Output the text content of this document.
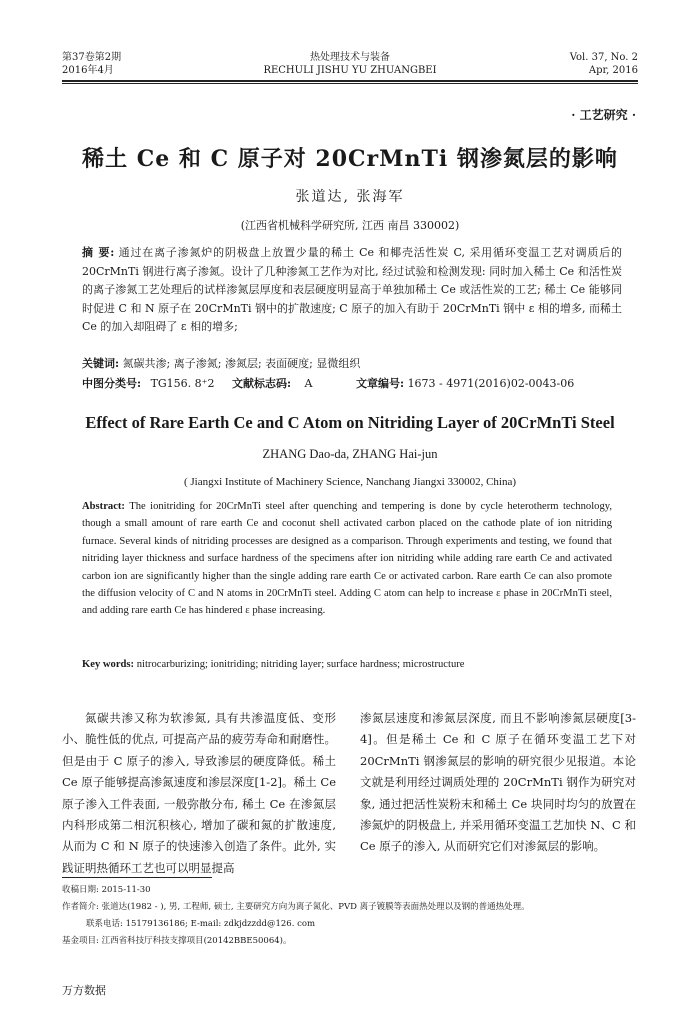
第37卷第2期
2016年4月
热处理技术与装备
RECHULI JISHU YU ZHUANGBEI
Vol. 37, No. 2
Apr, 2016
· 工艺研究 ·
稀土 Ce 和 C 原子对 20CrMnTi 钢渗氮层的影响
张道达, 张海军
(江西省机械科学研究所, 江西 南昌 330002)
摘 要: 通过在离子渗氮炉的阴极盘上放置少量的稀土 Ce 和椰壳活性炭 C, 采用循环变温工艺对调质后的 20CrMnTi 钢进行离子渗氮。设计了几种渗氮工艺作为对比, 经过试验和检测发现: 同时加入稀土 Ce 和活性炭的离子渗氮工艺处理后的试样渗氮层厚度和表层硬度明显高于单独加稀土 Ce 或活性炭的工艺; 稀土 Ce 能够同时促进 C 和 N 原子在 20CrMnTi 钢中的扩散速度; C 原子的加入有助于 20CrMnTi 钢中 ε 相的增多, 而稀土 Ce 的加入却阻碍了 ε 相的增多;
关键词: 氮碳共渗; 离子渗氮; 渗氮层; 表面硬度; 显微组织
中图分类号: TG156. 8⁺2 文献标志码: A	文章编号: 1673 - 4971(2016)02-0043-06
Effect of Rare Earth Ce and C Atom on Nitriding Layer of 20CrMnTi Steel
ZHANG Dao-da, ZHANG Hai-jun
( Jiangxi Institute of Machinery Science, Nanchang Jiangxi 330002, China)
Abstract: The ionitriding for 20CrMnTi steel after quenching and tempering is done by cycle heterotherm technology, though a small amount of rare earth Ce and coconut shell activated carbon placed on the cathode plate of ion nitriding furnace. Several kinds of nitriding processes are designed as a comparison. Through experiments and testing, we found that nitriding layer thickness and surface hardness of the specimens after ion nitriding while adding rare earth Ce and activated carbon ion are significantly higher than the single adding rare earth Ce or activated carbon. Rare earth Ce can also promote the diffusion velocity of C and N atoms in 20CrMnTi steel. Adding C atom can help to increase ε phase in 20CrMnTi steel, and adding rare earth Ce has hindered ε phase increasing.
Key words: nitrocarburizing; ionitriding; nitriding layer; surface hardness; microstructure
氮碳共渗又称为软渗氮, 具有共渗温度低、变形小、脆性低的优点, 可提高产品的疲劳寿命和耐磨性。但是由于 C 原子的渗入, 导致渗层的硬度降低。稀土 Ce 原子能够提高渗氮速度和渗层深度[1-2]。稀土 Ce 原子渗入工件表面, 一般弥散分布, 稀土 Ce 在渗氮层内科形成第二相沉积核心, 增加了碳和氮的扩散速度, 从而为 C 和 N 原子的快速渗入创造了条件。此外, 实践证明热循环工艺也可以明显提高
渗氮层速度和渗氮层深度, 而且不影响渗氮层硬度[3-4]。但是稀土 Ce 和 C 原子在循环变温工艺下对 20CrMnTi 钢渗氮层的影响的研究很少见报道。本论文就是利用经过调质处理的 20CrMnTi 钢作为研究对象, 通过把活性炭粉末和稀土 Ce 块同时均匀的放置在渗氮炉的阴极盘上, 并采用循环变温工艺加快 N、C 和 Ce 原子的渗入, 从而研究它们对渗氮层的影响。
收稿日期: 2015-11-30
作者简介: 张道达(1982 - ), 男, 工程师, 硕士, 主要研究方向为离子氮化、PVD 离子镀膜等表面热处理以及钢的普通热处理。
联系电话: 15179136186; E-mail: zdkjdzzdd@126. com
基金项目: 江西省科技厅科技支撑项目(20142BBE50064)。
万方数据
